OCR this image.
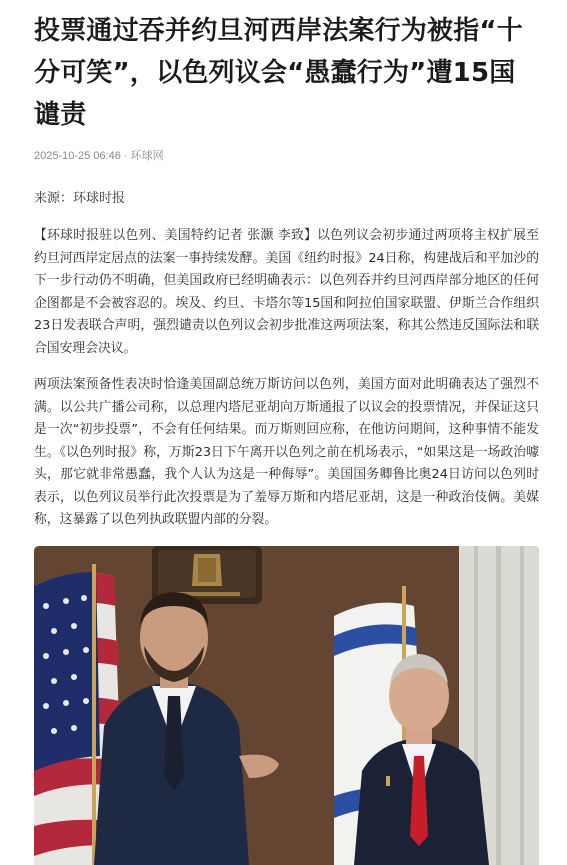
投票通过吞并约旦河西岸法案行为被指“十分可笑”，以色列议会“愚蠢行为”遭15国谴责
2025-10-25 06:46 · 环球网
来源：环球时报

【环球时报驻以色列、美国特约记者 张灏 李致】以色列议会初步通过两项将主权扩展至约旦河西岸定居点的法案一事持续发酵。美国《纽约时报》24日称，构建战后和平加沙的下一步行动仍不明确，但美国政府已经明确表示：以色列吞并约旦河西岸部分地区的任何企图都是不会被容忍的。埃及、约旦、卡塔尔等15国和阿拉伯国家联盟、伊斯兰合作组织23日发表联合声明，强烈谴责以色列议会初步批准这两项法案，称其公然违反国际法和联合国安理会决议。

两项法案预备性表决时恰逢美国副总统万斯访问以色列，美国方面对此明确表达了强烈不满。以公共广播公司称，以总理内塔尼亚胡向万斯通报了以议会的投票情况，并保证这只是一次“初步投票”，不会有任何结果。而万斯则回应称，在他访问期间，这种事情不能发生。《以色列时报》称，万斯23日下午离开以色列之前在机场表示，“如果这是一场政治噱头，那它就非常愚蠢，我个人认为这是一种侮辱”。美国国务卿鲁比奥24日访问以色列时表示，以色列议员举行此次投票是为了羞辱万斯和内塔尼亚胡，这是一种政治伎俩。美媒称，这暴露了以色列执政联盟内部的分裂。
